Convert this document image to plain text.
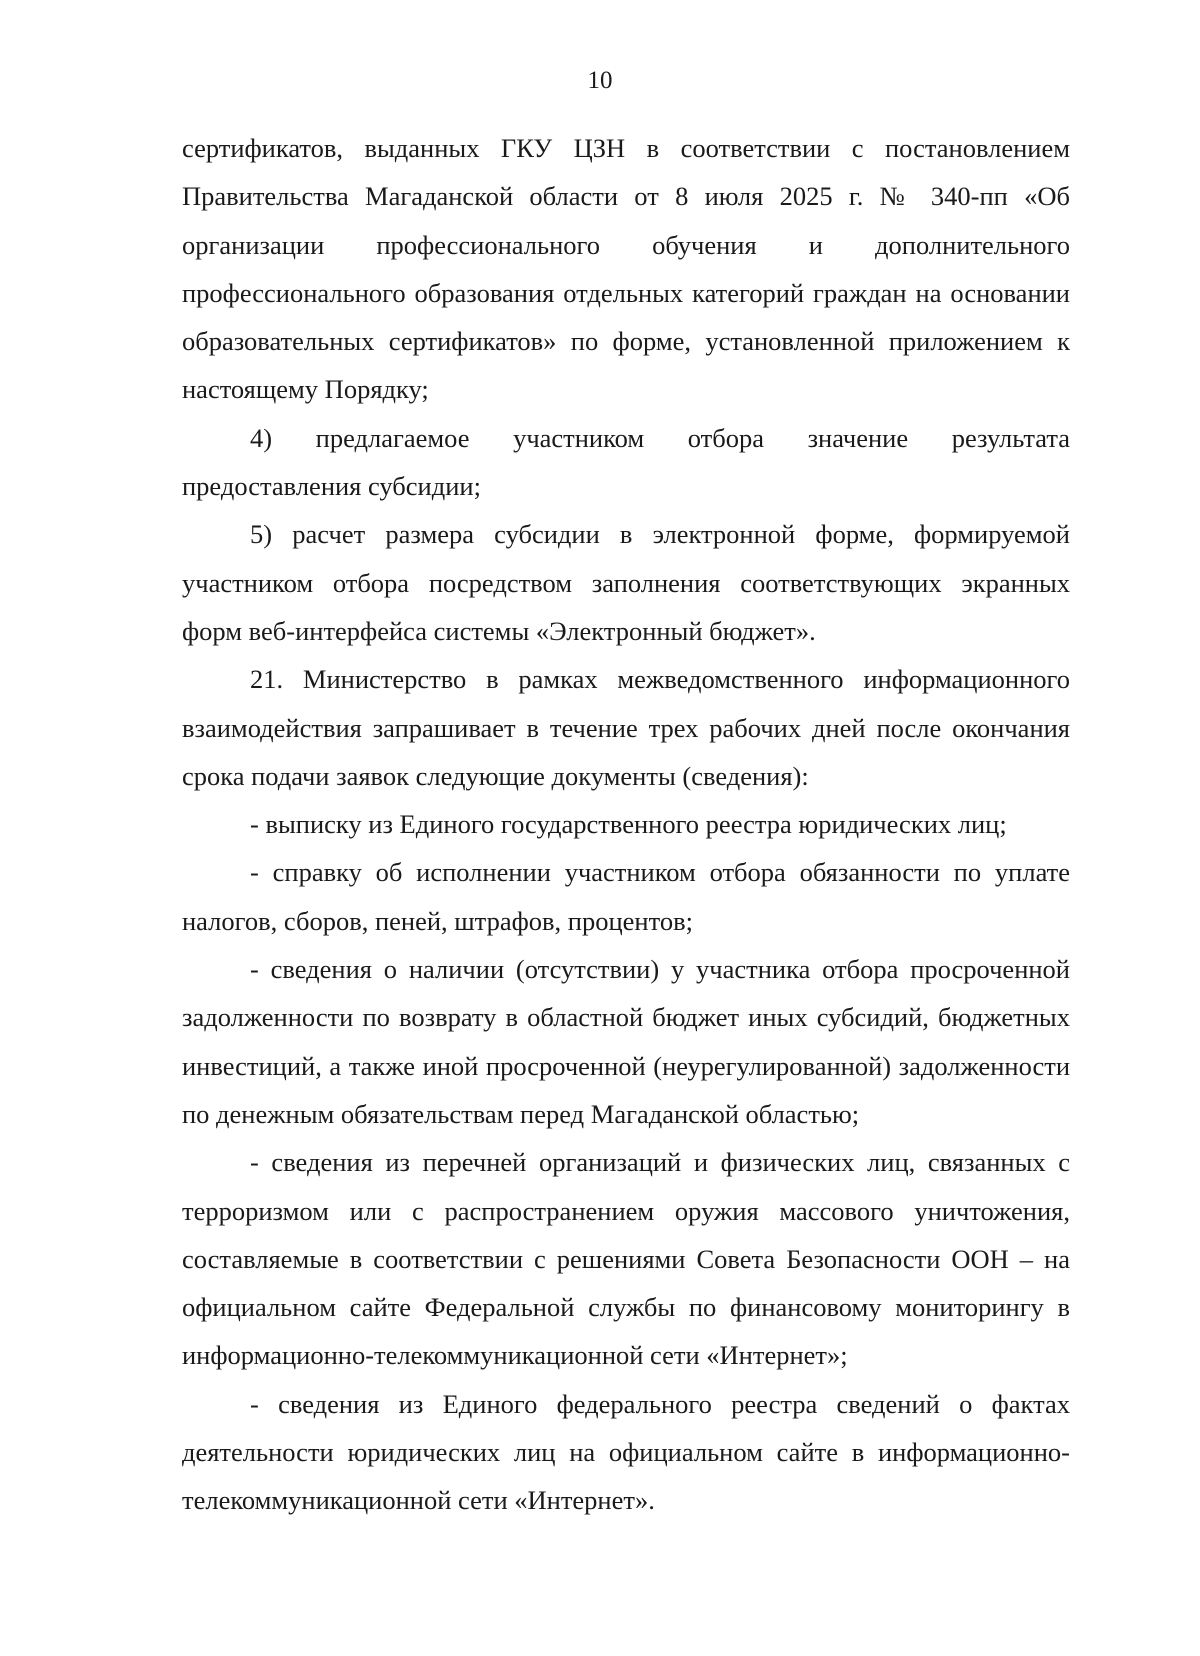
10

сертификатов, выданных ГКУ ЦЗН в соответствии с постановлением Правительства Магаданской области от 8 июля 2025 г. № 340-пп «Об организации профессионального обучения и дополнительного профессионального образования отдельных категорий граждан на основании образовательных сертификатов» по форме, установленной приложением к настоящему Порядку;

4) предлагаемое участником отбора значение результата предоставления субсидии;

5) расчет размера субсидии в электронной форме, формируемой участником отбора посредством заполнения соответствующих экранных форм веб-интерфейса системы «Электронный бюджет».

21. Министерство в рамках межведомственного информационного взаимодействия запрашивает в течение трех рабочих дней после окончания срока подачи заявок следующие документы (сведения):

- выписку из Единого государственного реестра юридических лиц;

- справку об исполнении участником отбора обязанности по уплате налогов, сборов, пеней, штрафов, процентов;

- сведения о наличии (отсутствии) у участника отбора просроченной задолженности по возврату в областной бюджет иных субсидий, бюджетных инвестиций, а также иной просроченной (неурегулированной) задолженности по денежным обязательствам перед Магаданской областью;

- сведения из перечней организаций и физических лиц, связанных с терроризмом или с распространением оружия массового уничтожения, составляемые в соответствии с решениями Совета Безопасности ООН – на официальном сайте Федеральной службы по финансовому мониторингу в информационно-телекоммуникационной сети «Интернет»;

- сведения из Единого федерального реестра сведений о фактах деятельности юридических лиц на официальном сайте в информационно-телекоммуникационной сети «Интернет».
